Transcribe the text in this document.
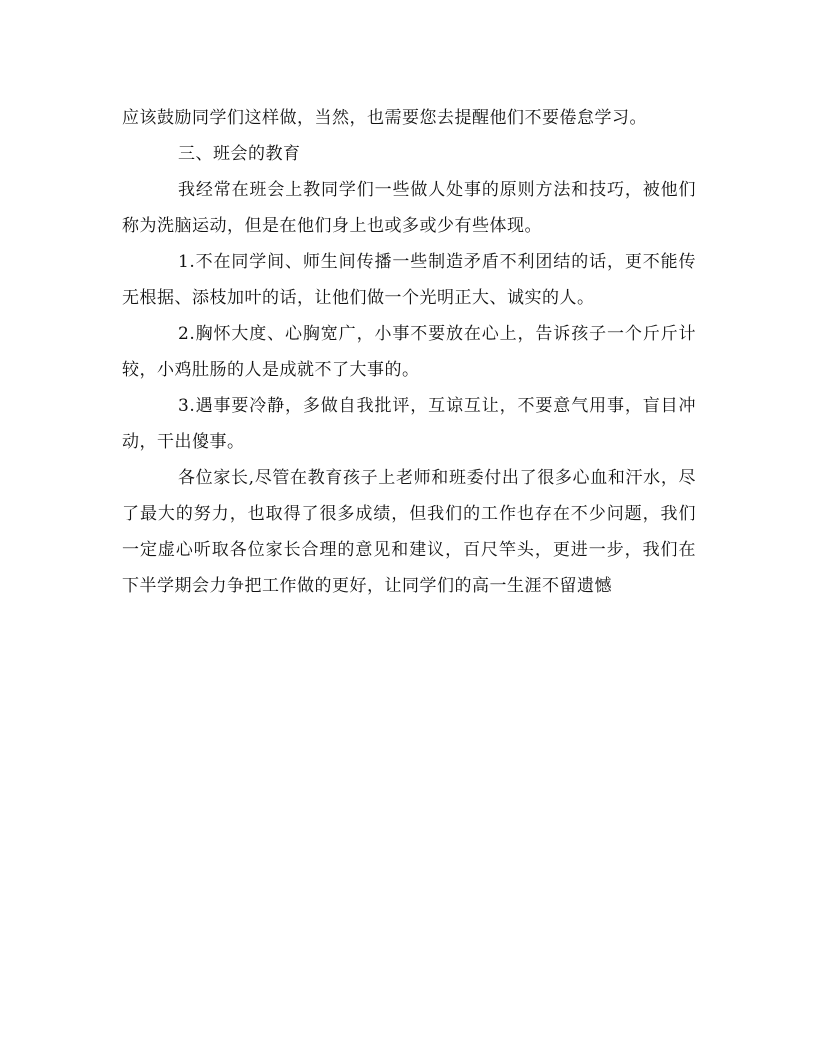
应该鼓励同学们这样做，当然，也需要您去提醒他们不要倦怠学习。

三、班会的教育

我经常在班会上教同学们一些做人处事的原则方法和技巧，被他们称为洗脑运动，但是在他们身上也或多或少有些体现。

1.不在同学间、师生间传播一些制造矛盾不利团结的话，更不能传无根据、添枝加叶的话，让他们做一个光明正大、诚实的人。

2.胸怀大度、心胸宽广，小事不要放在心上，告诉孩子一个斤斤计较，小鸡肚肠的人是成就不了大事的。

3.遇事要冷静，多做自我批评，互谅互让，不要意气用事，盲目冲动，干出傻事。

各位家长,尽管在教育孩子上老师和班委付出了很多心血和汗水，尽了最大的努力，也取得了很多成绩，但我们的工作也存在不少问题，我们一定虚心听取各位家长合理的意见和建议，百尺竿头，更进一步，我们在下半学期会力争把工作做的更好，让同学们的高一生涯不留遗憾
